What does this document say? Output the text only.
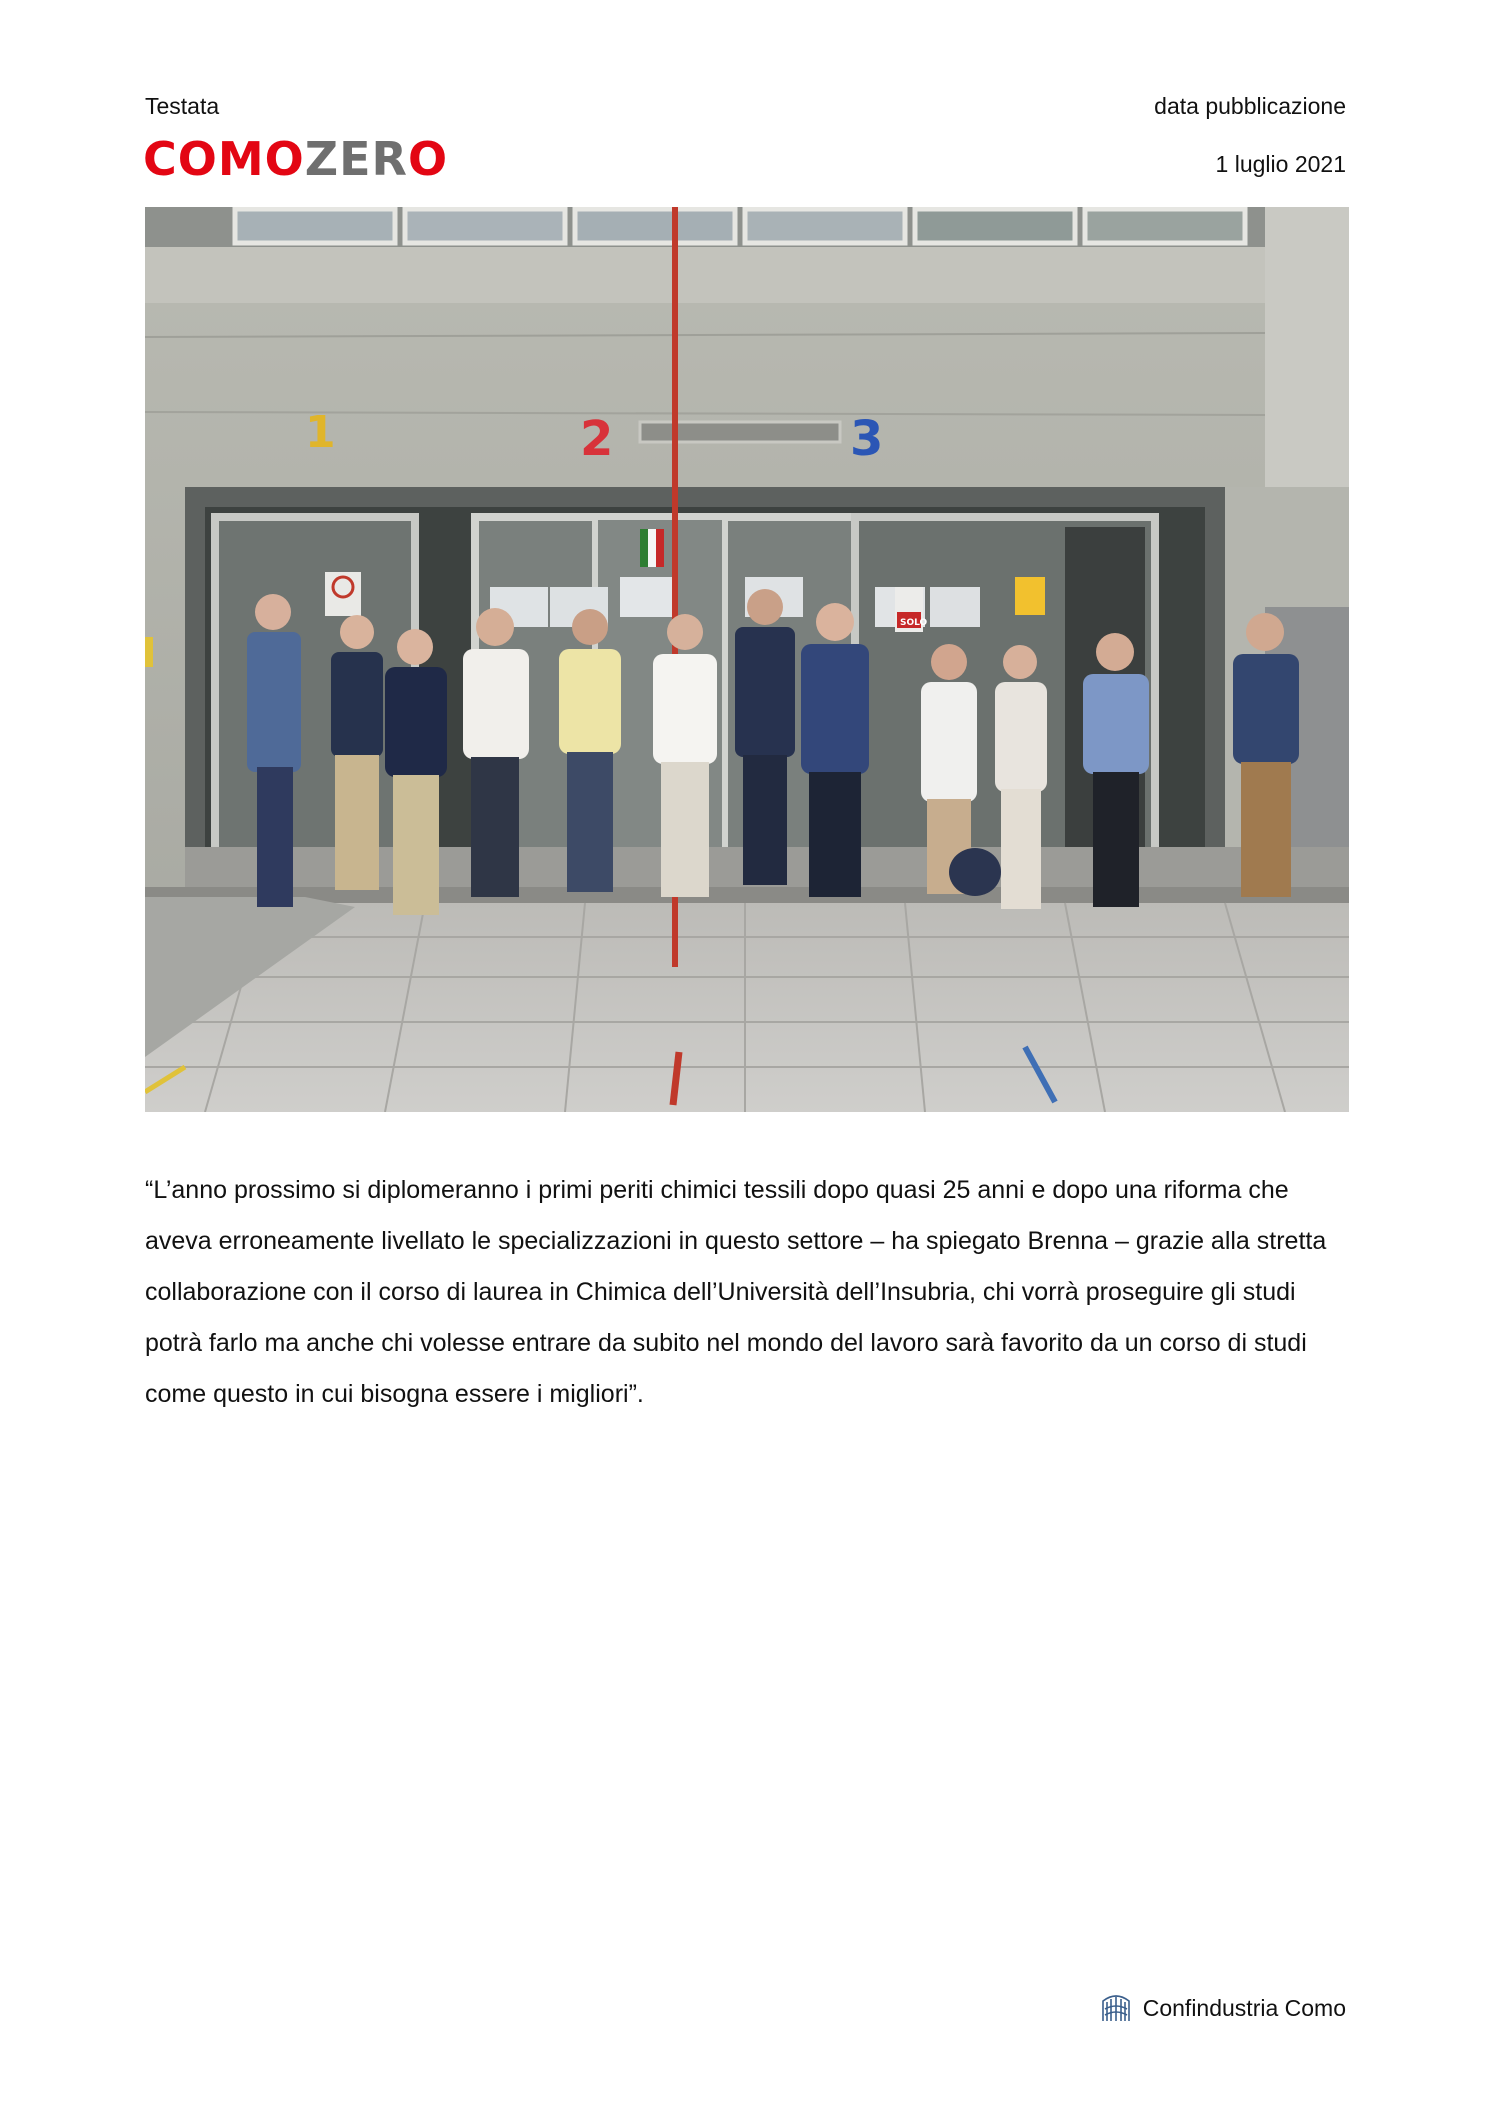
Testata	data pubblicazione
1 luglio 2021
COMOZERO
1	2	3
SOLO

“L’anno prossimo si diplomeranno i primi periti chimici tessili dopo quasi 25 anni e dopo una riforma che aveva erroneamente livellato le specializzazioni in questo settore – ha spiegato Brenna – grazie alla stretta collaborazione con il corso di laurea in Chimica dell’Università dell’Insubria, chi vorrà proseguire gli studi potrà farlo ma anche chi volesse entrare da subito nel mondo del lavoro sarà favorito da un corso di studi come questo in cui bisogna essere i migliori”.

Confindustria Como
